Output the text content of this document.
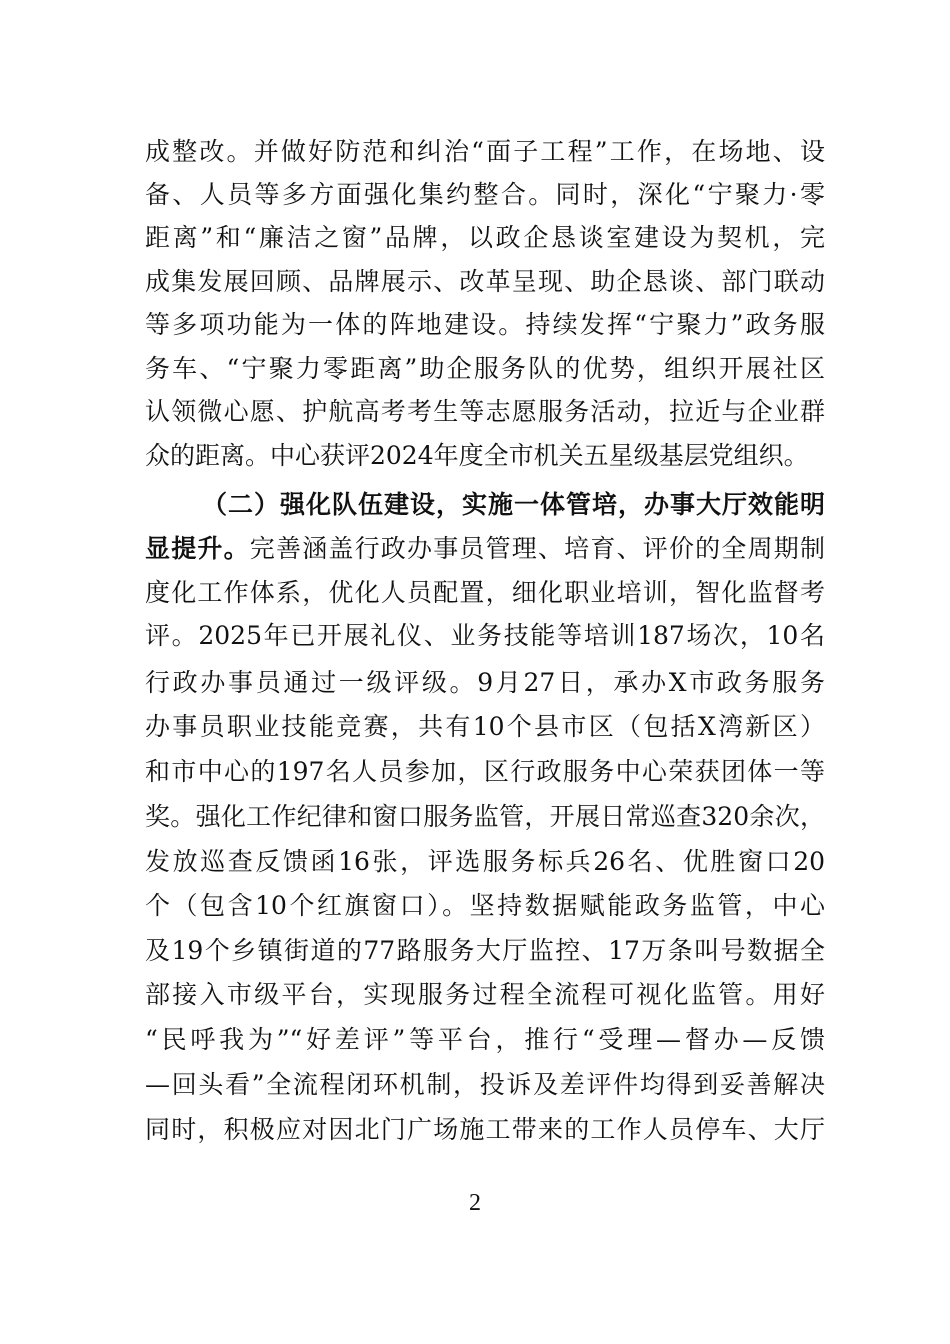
成整改。并做好防范和纠治“面子工程”工作，在场地、设
备、人员等多方面强化集约整合。同时，深化“宁聚力·零
距离”和“廉洁之窗”品牌，以政企恳谈室建设为契机，完
成集发展回顾、品牌展示、改革呈现、助企恳谈、部门联动
等多项功能为一体的阵地建设。持续发挥“宁聚力”政务服
务车、“宁聚力零距离”助企服务队的优势，组织开展社区
认领微心愿、护航高考考生等志愿服务活动，拉近与企业群
众的距离。中心获评2024年度全市机关五星级基层党组织。
（二）强化队伍建设，实施一体管培，办事大厅效能明
显提升。完善涵盖行政办事员管理、培育、评价的全周期制
度化工作体系，优化人员配置，细化职业培训，智化监督考
评。2025年已开展礼仪、业务技能等培训187场次，10名
行政办事员通过一级评级。9月27日，承办X市政务服务
办事员职业技能竞赛，共有10个县市区（包括X湾新区）
和市中心的197名人员参加，区行政服务中心荣获团体一等
奖。强化工作纪律和窗口服务监管，开展日常巡查320余次，
发放巡查反馈函16张，评选服务标兵26名、优胜窗口20
个（包含10个红旗窗口）。坚持数据赋能政务监管，中心
及19个乡镇街道的77路服务大厅监控、17万条叫号数据全
部接入市级平台，实现服务过程全流程可视化监管。用好
“民呼我为”“好差评”等平台，推行“受理—督办—反馈
—回头看”全流程闭环机制，投诉及差评件均得到妥善解决
同时，积极应对因北门广场施工带来的工作人员停车、大厅
2
